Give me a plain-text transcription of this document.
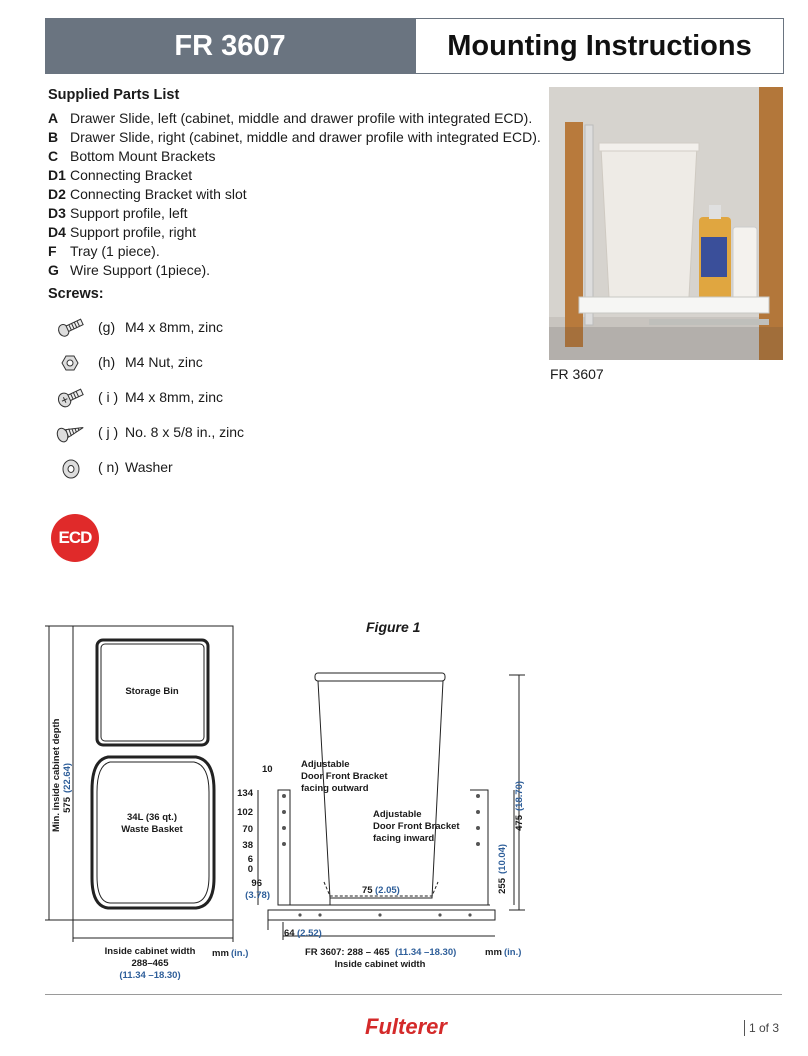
FR 3607	Mounting Instructions
Supplied Parts List
A Drawer Slide, left (cabinet, middle and drawer profile with integrated ECD).
B Drawer Slide, right (cabinet, middle and drawer profile with integrated ECD).
C Bottom Mount Brackets
D1 Connecting Bracket
D2 Connecting Bracket with slot
D3 Support profile, left
D4 Support profile, right
F Tray (1 piece).
G Wire Support (1piece).
Screws:
(g) M4 x 8mm, zinc
(h) M4 Nut, zinc
( i ) M4 x 8mm, zinc
( j ) No. 8 x 5/8 in., zinc
( n) Washer
ECD
FR 3607
Figure 1
Storage Bin
34L (36 qt.)
Waste Basket
Min. inside cabinet depth 575
(22.64)
Inside cabinet width
288–465
(11.34 –18.30)
mm (in.)
10
134
102
70
38
6
0
96
(3.78)	75 (2.05)
64 (2.52)
Adjustable
Door Front Bracket
facing outward
Adjustable
Door Front Bracket
facing inward
475
(18.70)
255
(10.04)
FR 3607: 288 – 465 (11.34 –18.30)
Inside cabinet width
mm (in.)
Fulterer	1 of 3
